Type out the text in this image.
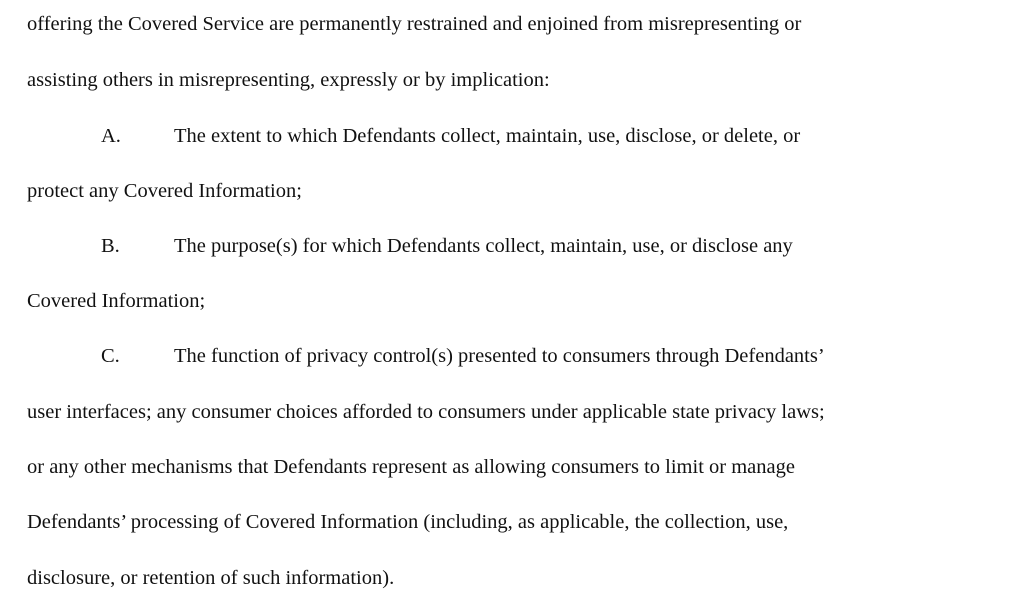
offering the Covered Service are permanently restrained and enjoined from misrepresenting or
assisting others in misrepresenting, expressly or by implication:
A.	The extent to which Defendants collect, maintain, use, disclose, or delete, or
protect any Covered Information;
B.	The purpose(s) for which Defendants collect, maintain, use, or disclose any
Covered Information;
C.	The function of privacy control(s) presented to consumers through Defendants’
user interfaces; any consumer choices afforded to consumers under applicable state privacy laws;
or any other mechanisms that Defendants represent as allowing consumers to limit or manage
Defendants’ processing of Covered Information (including, as applicable, the collection, use,
disclosure, or retention of such information).
